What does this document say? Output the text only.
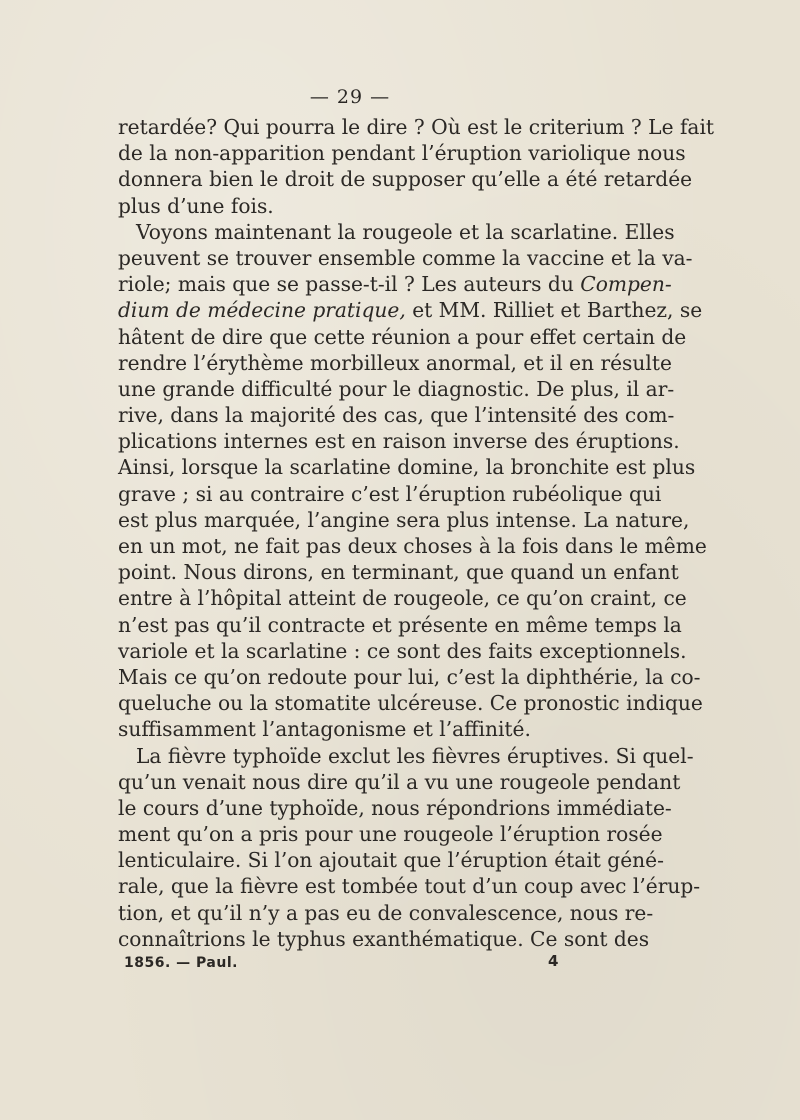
— 29 —
retardée? Qui pourra le dire ? Où est le criterium ? Le fait
de la non-apparition pendant l’éruption variolique nous
donnera bien le droit de supposer qu’elle a été retardée
plus d’une fois.
Voyons maintenant la rougeole et la scarlatine. Elles
peuvent se trouver ensemble comme la vaccine et la va-
riole; mais que se passe-t-il ? Les auteurs du Compen-
dium de médecine pratique, et MM. Rilliet et Barthez, se
hâtent de dire que cette réunion a pour effet certain de
rendre l’érythème morbilleux anormal, et il en résulte
une grande difficulté pour le diagnostic. De plus, il ar-
rive, dans la majorité des cas, que l’intensité des com-
plications internes est en raison inverse des éruptions.
Ainsi, lorsque la scarlatine domine, la bronchite est plus
grave ; si au contraire c’est l’éruption rubéolique qui
est plus marquée, l’angine sera plus intense. La nature,
en un mot, ne fait pas deux choses à la fois dans le même
point. Nous dirons, en terminant, que quand un enfant
entre à l’hôpital atteint de rougeole, ce qu’on craint, ce
n’est pas qu’il contracte et présente en même temps la
variole et la scarlatine : ce sont des faits exceptionnels.
Mais ce qu’on redoute pour lui, c’est la diphthérie, la co-
queluche ou la stomatite ulcéreuse. Ce pronostic indique
suffisamment l’antagonisme et l’affinité.
La fièvre typhoïde exclut les fièvres éruptives. Si quel-
qu’un venait nous dire qu’il a vu une rougeole pendant
le cours d’une typhoïde, nous répondrions immédiate-
ment qu’on a pris pour une rougeole l’éruption rosée
lenticulaire. Si l’on ajoutait que l’éruption était géné-
rale, que la fièvre est tombée tout d’un coup avec l’érup-
tion, et qu’il n’y a pas eu de convalescence, nous re-
connaîtrions le typhus exanthématique. Ce sont des
1856. — Paul.	4
